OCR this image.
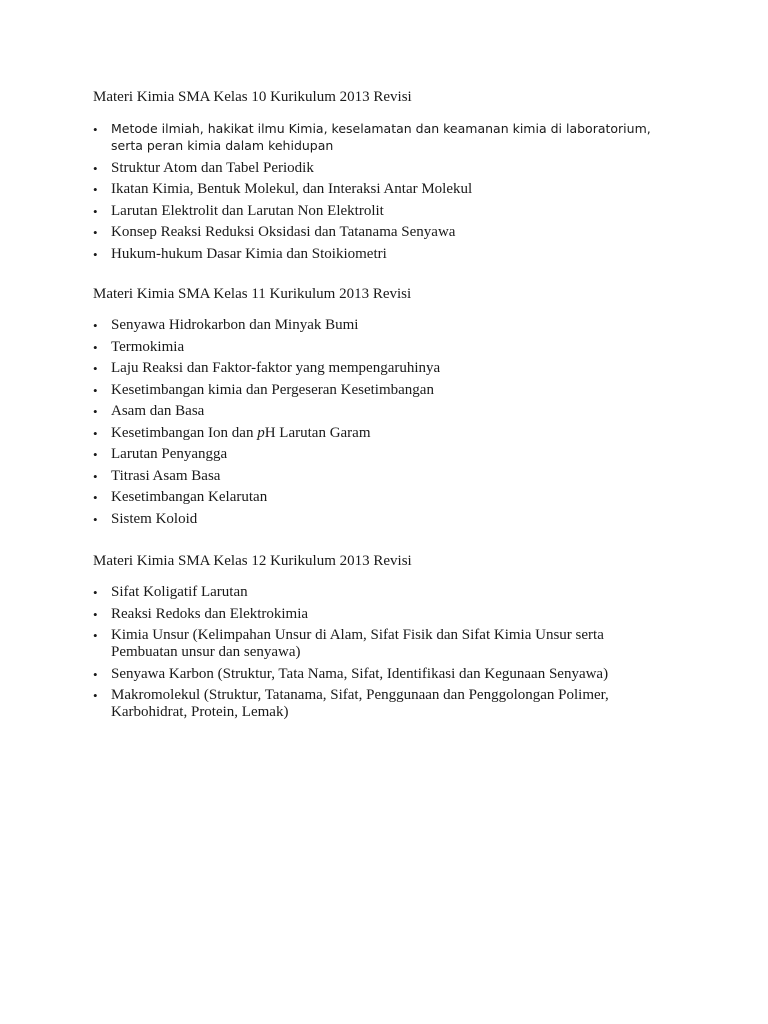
Materi Kimia SMA Kelas 10 Kurikulum 2013 Revisi
•	Metode ilmiah, hakikat ilmu Kimia, keselamatan dan keamanan kimia di laboratorium, serta peran kimia dalam kehidupan
• Struktur Atom dan Tabel Periodik
• Ikatan Kimia, Bentuk Molekul, dan Interaksi Antar Molekul
• Larutan Elektrolit dan Larutan Non Elektrolit
• Konsep Reaksi Reduksi Oksidasi dan Tatanama Senyawa
• Hukum-hukum Dasar Kimia dan Stoikiometri
Materi Kimia SMA Kelas 11 Kurikulum 2013 Revisi
• Senyawa Hidrokarbon dan Minyak Bumi
• Termokimia
• Laju Reaksi dan Faktor-faktor yang mempengaruhinya
• Kesetimbangan kimia dan Pergeseran Kesetimbangan
• Asam dan Basa
• Kesetimbangan Ion dan pH Larutan Garam
• Larutan Penyangga
• Titrasi Asam Basa
• Kesetimbangan Kelarutan
• Sistem Koloid
Materi Kimia SMA Kelas 12 Kurikulum 2013 Revisi
• Sifat Koligatif Larutan
• Reaksi Redoks dan Elektrokimia
• Kimia Unsur (Kelimpahan Unsur di Alam, Sifat Fisik dan Sifat Kimia Unsur serta Pembuatan unsur dan senyawa)
• Senyawa Karbon (Struktur, Tata Nama, Sifat, Identifikasi dan Kegunaan Senyawa)
• Makromolekul (Struktur, Tatanama, Sifat, Penggunaan dan Penggolongan Polimer, Karbohidrat, Protein, Lemak)
